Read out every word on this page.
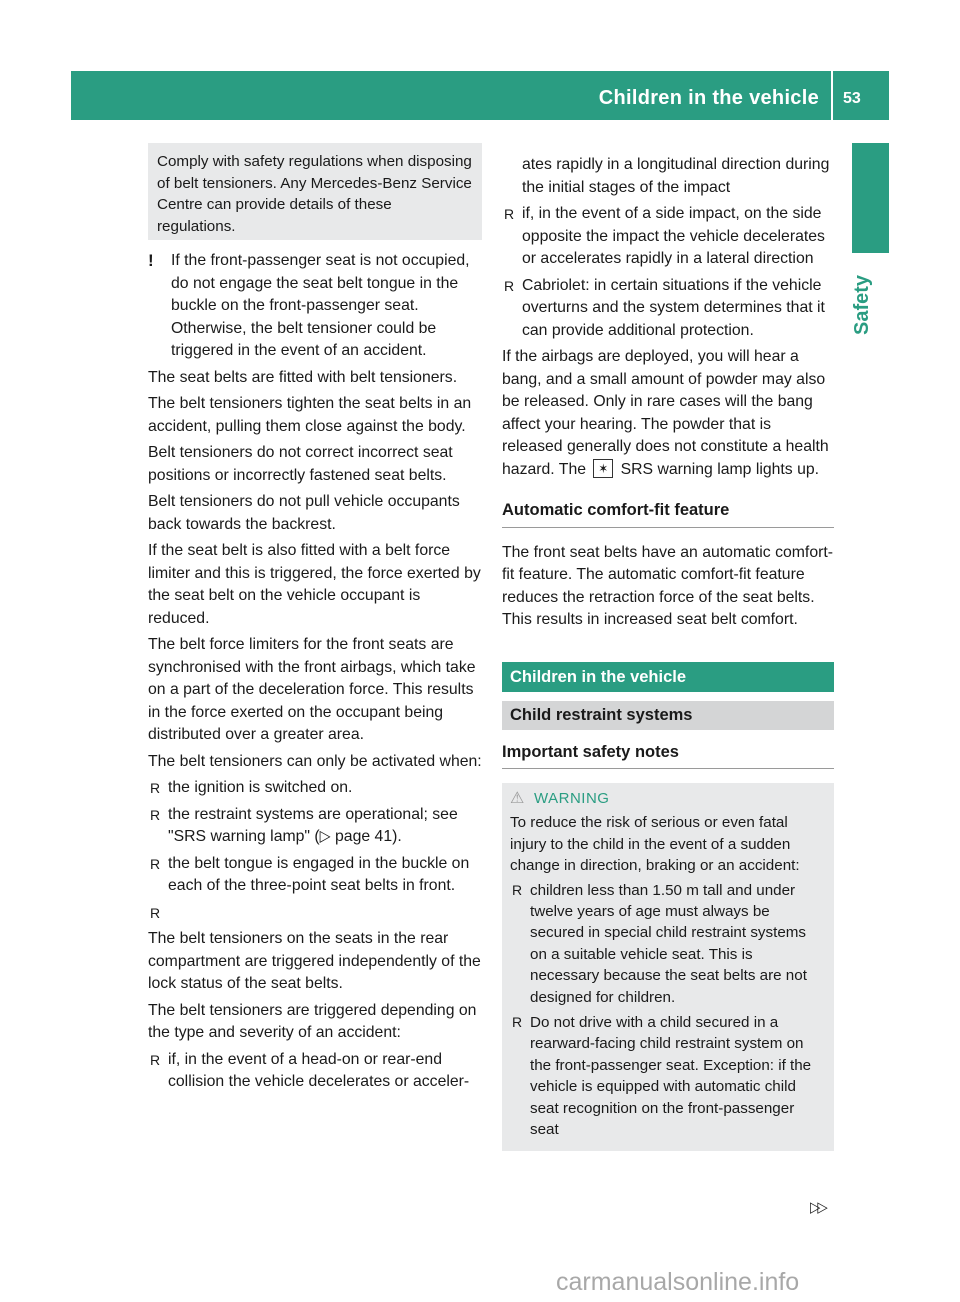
Children in the vehicle 53
Safety
Comply with safety regulations when disposing of belt tensioners. Any Mercedes-Benz Service Centre can provide details of these regulations.
!	If the front-passenger seat is not occupied, do not engage the seat belt tongue in the buckle on the front-passenger seat. Otherwise, the belt tensioner could be triggered in the event of an accident.

The seat belts are fitted with belt tensioners.

The belt tensioners tighten the seat belts in an accident, pulling them close against the body.

Belt tensioners do not correct incorrect seat positions or incorrectly fastened seat belts.

Belt tensioners do not pull vehicle occupants back towards the backrest.

If the seat belt is also fitted with a belt force limiter and this is triggered, the force exerted by the seat belt on the vehicle occupant is reduced.

The belt force limiters for the front seats are synchronised with the front airbags, which take on a part of the deceleration force. This results in the force exerted on the occupant being distributed over a greater area.

The belt tensioners can only be activated when:

R the ignition is switched on.
R the restraint systems are operational; see "SRS warning lamp" (▷ page 41).
R the belt tongue is engaged in the buckle on each of the three-point seat belts in front.
R

The belt tensioners on the seats in the rear compartment are triggered independently of the lock status of the seat belts.

The belt tensioners are triggered depending on the type and severity of an accident:

R if, in the event of a head-on or rear-end collision the vehicle decelerates or acceler-
ates rapidly in a longitudinal direction during the initial stages of the impact
R if, in the event of a side impact, on the side opposite the impact the vehicle decelerates or accelerates rapidly in a lateral direction
R Cabriolet: in certain situations if the vehicle overturns and the system determines that it can provide additional protection.

If the airbags are deployed, you will hear a bang, and a small amount of powder may also be released. Only in rare cases will the bang affect your hearing. The powder that is released generally does not constitute a health hazard. The ✶ SRS warning lamp lights up.

Automatic comfort-fit feature

The front seat belts have an automatic comfort-fit feature. The automatic comfort-fit feature reduces the retraction force of the seat belts. This results in increased seat belt comfort.

Children in the vehicle
Child restraint systems
Important safety notes
⚠ WARNING
To reduce the risk of serious or even fatal injury to the child in the event of a sudden change in direction, braking or an accident:
R children less than 1.50 m tall and under twelve years of age must always be secured in special child restraint systems on a suitable vehicle seat. This is necessary because the seat belts are not designed for children.
R Do not drive with a child secured in a rearward-facing child restraint system on the front-passenger seat. Exception: if the vehicle is equipped with automatic child seat recognition on the front-passenger seat
▷▷
carmanualsonline.info
